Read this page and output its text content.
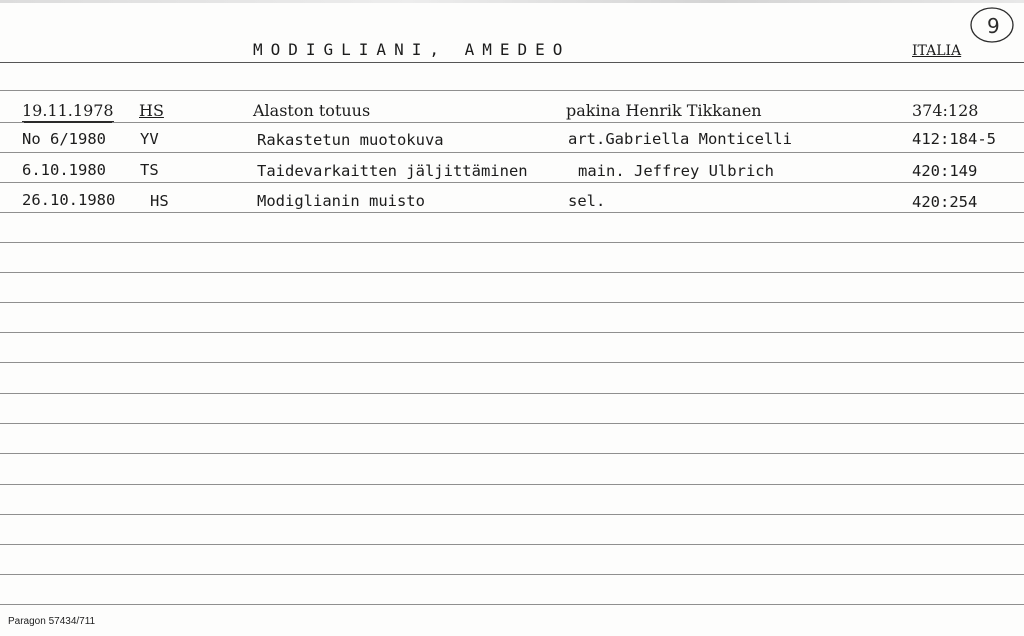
MODIGLIANI, AMEDEO	ITALIA
9
19.11.1978 HS	Alaston totuus	pakina Henrik Tikkanen	374:128
No 6/1980 YV	Rakastetun muotokuva	art.Gabriella Monticelli	412:184-5
6.10.1980 TS	Taidevarkaitten jäljittäminen	main. Jeffrey Ulbrich	420:149
26.10.1980 HS	Modiglianin muisto	sel.	420:254
Paragon 57434/711
